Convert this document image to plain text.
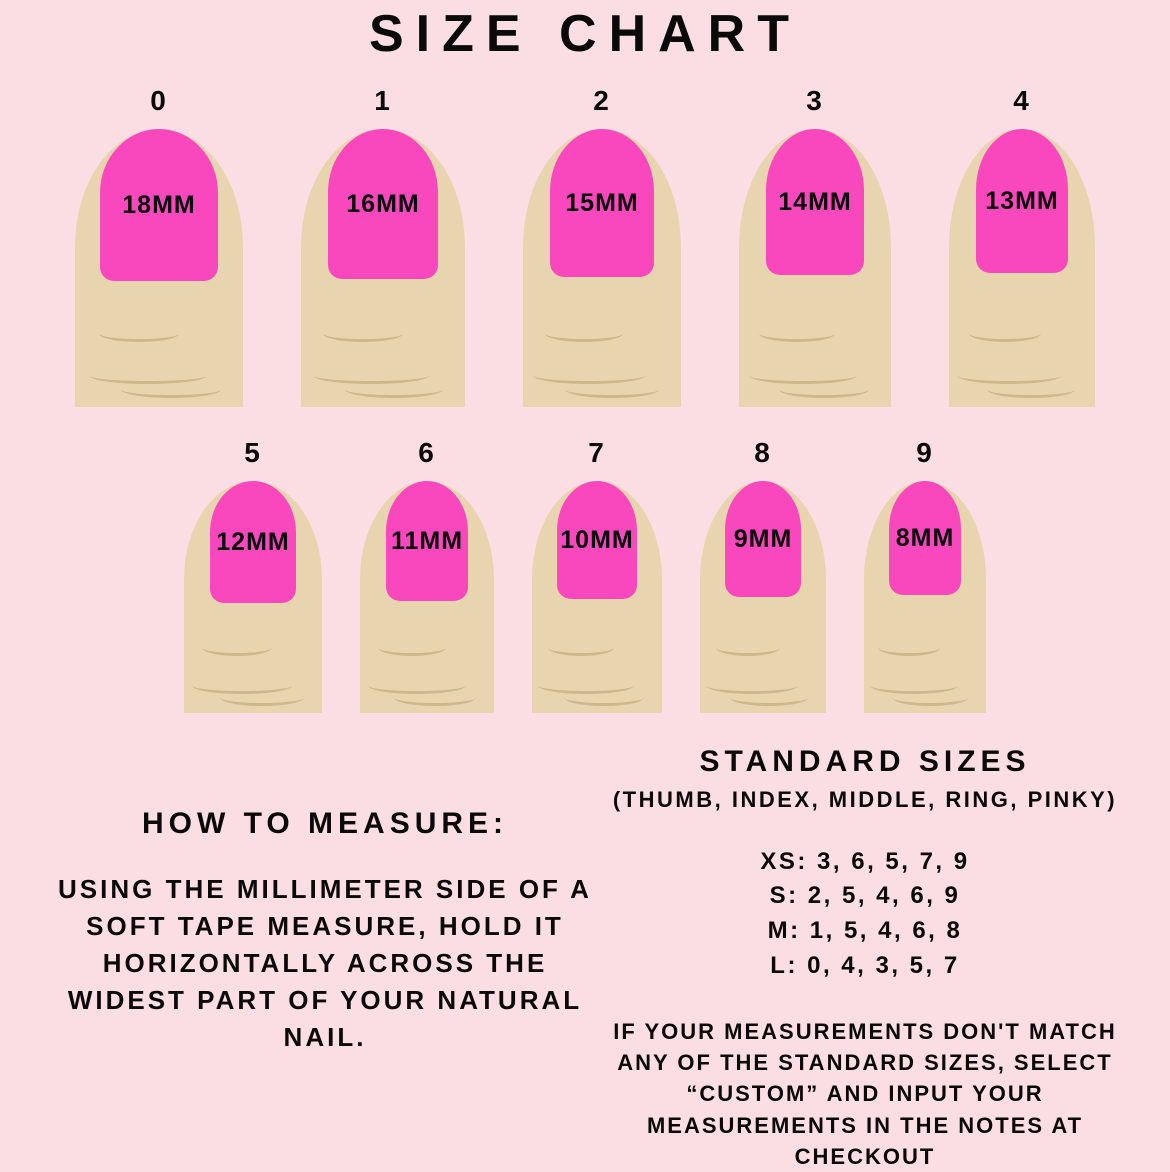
SIZE CHART
0
18MM
1
16MM
2
15MM
3
14MM
4
13MM
5
12MM
6
11MM
7
10MM
8
9MM
9
8MM

HOW TO MEASURE:

USING THE MILLIMETER SIDE OF A SOFT TAPE MEASURE, HOLD IT HORIZONTALLY ACROSS THE WIDEST PART OF YOUR NATURAL NAIL.

STANDARD SIZES

(THUMB, INDEX, MIDDLE, RING, PINKY)

XS: 3, 6, 5, 7, 9
S: 2, 5, 4, 6, 9
M: 1, 5, 4, 6, 8
L: 0, 4, 3, 5, 7

IF YOUR MEASUREMENTS DON'T MATCH ANY OF THE STANDARD SIZES, SELECT “CUSTOM” AND INPUT YOUR MEASUREMENTS IN THE NOTES AT CHECKOUT
